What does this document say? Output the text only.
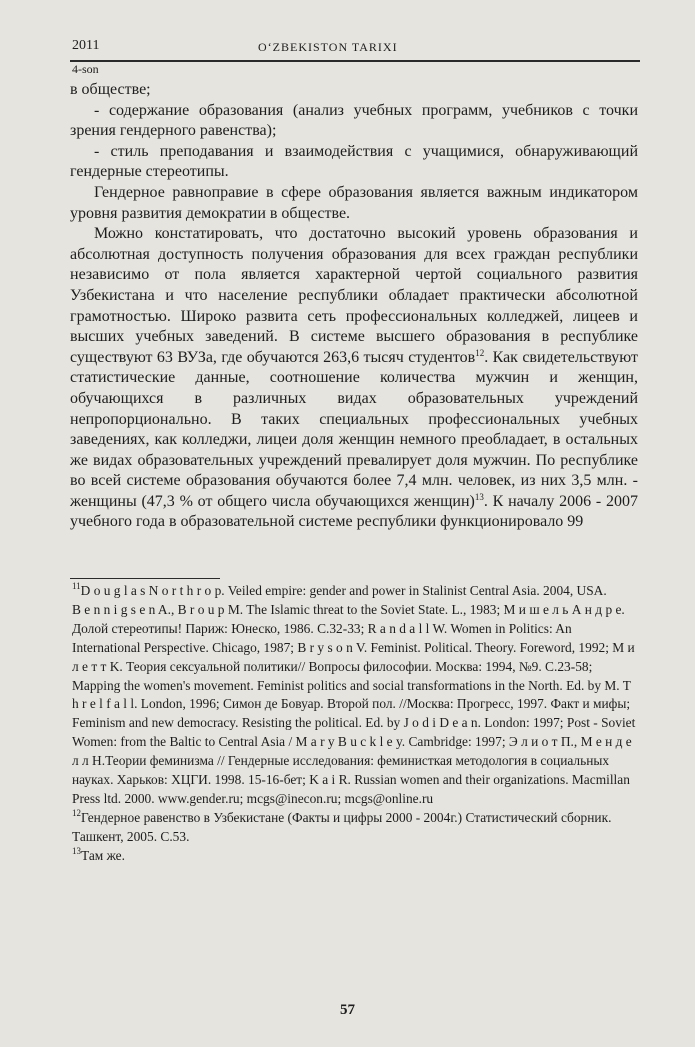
2011	O‘ZBEKISTON TARIXI
4-son

в обществе;

- содержание образования (анализ учебных программ, учебников с точки зрения гендерного равенства);

- стиль преподавания и взаимодействия с учащимися, обнаруживающий гендерные стереотипы.

Гендерное равноправие в сфере образования является важным индикатором уровня развития демократии в обществе.

Можно констатировать, что достаточно высокий уровень образования и абсолютная доступность получения образования для всех граждан республики независимо от пола является характерной чертой социального развития Узбекистана и что население республики обладает практически абсолютной грамотностью. Широко развита сеть профессиональных колледжей, лицеев и высших учебных заведений. В системе высшего образования в республике существуют 63 ВУЗа, где обучаются 263,6 тысяч студентов$^{12}$. Как свидетельствуют статистические данные, соотношение количества мужчин и женщин, обучающихся в различных видах образовательных учреждений непропорционально. В таких специальных профессиональных учебных заведениях, как колледжи, лицеи доля женщин немного преобладает, в остальных же видах образовательных учреждений превалирует доля мужчин. По республике во всей системе образования обучаются более 7,4 млн. человек, из них 3,5 млн. - женщины (47,3 % от общего числа обучающихся женщин)$^{13}$. К началу 2006 - 2007 учебного года в образовательной системе республики функционировало 99

$^{11}$D o u g l a s N o r t h r o p. Veiled empire: gender and power in Stalinist Central Asia. 2004, USA.

B e n n i g s e n A., B r o u p M. The Islamic threat to the Soviet State. L., 1983; М и ш е л ь А н д р е. Долой стереотипы! Париж: Юнеско, 1986. C.32-33; R a n d a l l W. Women in Politics: An International Perspective. Chicago, 1987; B r y s o n V. Feminist. Political. Theory. Foreword, 1992; М и л е т т K. Теория сексуальной политики// Вопросы философии. Москва: 1994, №9. С.23-58; Mapping the women's movement. Feminist politics and social transformations in the North. Ed. by M. T h r e l f a l l. London, 1996; Симон де Бовуар. Второй пол. //Москва: Прогресс, 1997. Факт и мифы; Feminism and new democracy. Resisting the political. Ed. by J o d i D e a n. London: 1997; Post - Soviet Women: from the Baltic to Central Asia / M a r y B u c k l e y. Cambridge: 1997; Э л и о т П., М е н д е л л Н.Теории феминизма // Гендерные исследования: феминисткая методология в социальных науках. Харьков: ХЦГИ. 1998. 15-16-бет; K a i R. Russian women and their organizations. Macmillan Press ltd. 2000. www.gender.ru; mcgs@inecon.ru; mcgs@online.ru

$^{12}$Гендерное равенство в Узбекистане (Факты и цифры 2000 - 2004г.) Статистический сборник. Ташкент, 2005. С.53.

$^{13}$Там же.

57
